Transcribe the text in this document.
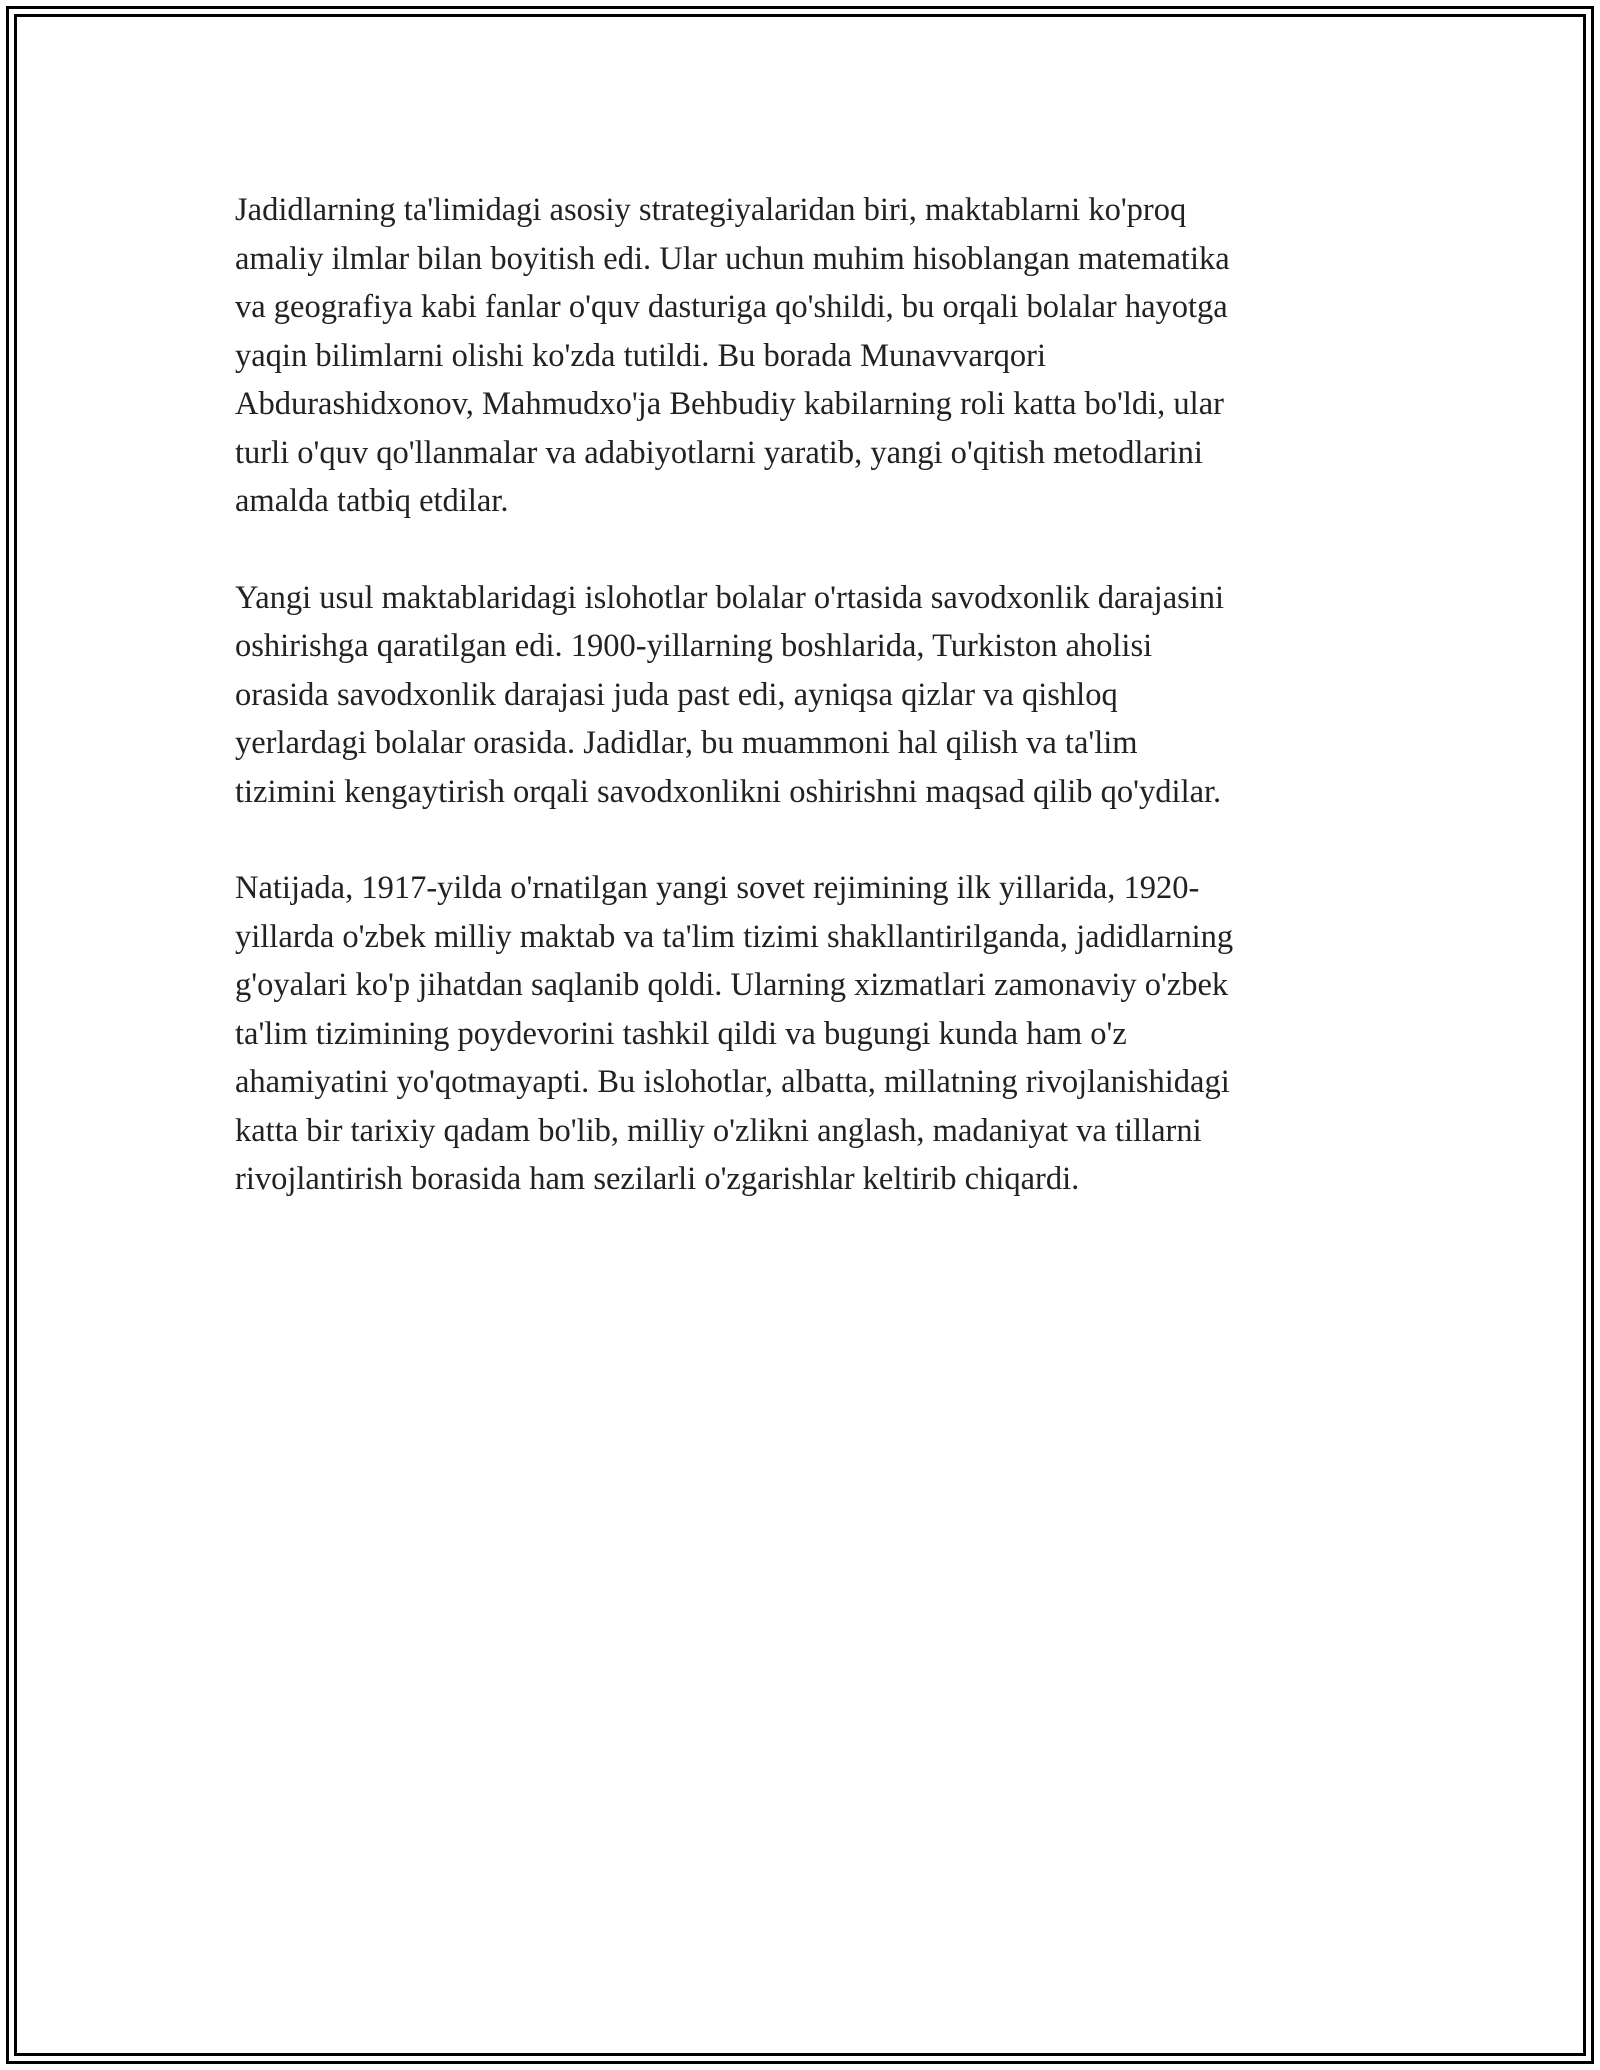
Jadidlarning ta'limidagi asosiy strategiyalaridan biri, maktablarni ko'proq
amaliy ilmlar bilan boyitish edi. Ular uchun muhim hisoblangan matematika
va geografiya kabi fanlar o'quv dasturiga qo'shildi, bu orqali bolalar hayotga
yaqin bilimlarni olishi ko'zda tutildi. Bu borada Munavvarqori
Abdurashidxonov, Mahmudxo'ja Behbudiy kabilarning roli katta bo'ldi, ular
turli o'quv qo'llanmalar va adabiyotlarni yaratib, yangi o'qitish metodlarini
amalda tatbiq etdilar.

Yangi usul maktablaridagi islohotlar bolalar o'rtasida savodxonlik darajasini
oshirishga qaratilgan edi. 1900-yillarning boshlarida, Turkiston aholisi
orasida savodxonlik darajasi juda past edi, ayniqsa qizlar va qishloq
yerlardagi bolalar orasida. Jadidlar, bu muammoni hal qilish va ta'lim
tizimini kengaytirish orqali savodxonlikni oshirishni maqsad qilib qo'ydilar.

Natijada, 1917-yilda o'rnatilgan yangi sovet rejimining ilk yillarida, 1920-
yillarda o'zbek milliy maktab va ta'lim tizimi shakllantirilganda, jadidlarning
g'oyalari ko'p jihatdan saqlanib qoldi. Ularning xizmatlari zamonaviy o'zbek
ta'lim tizimining poydevorini tashkil qildi va bugungi kunda ham o'z
ahamiyatini yo'qotmayapti. Bu islohotlar, albatta, millatning rivojlanishidagi
katta bir tarixiy qadam bo'lib, milliy o'zlikni anglash, madaniyat va tillarni
rivojlantirish borasida ham sezilarli o'zgarishlar keltirib chiqardi.
